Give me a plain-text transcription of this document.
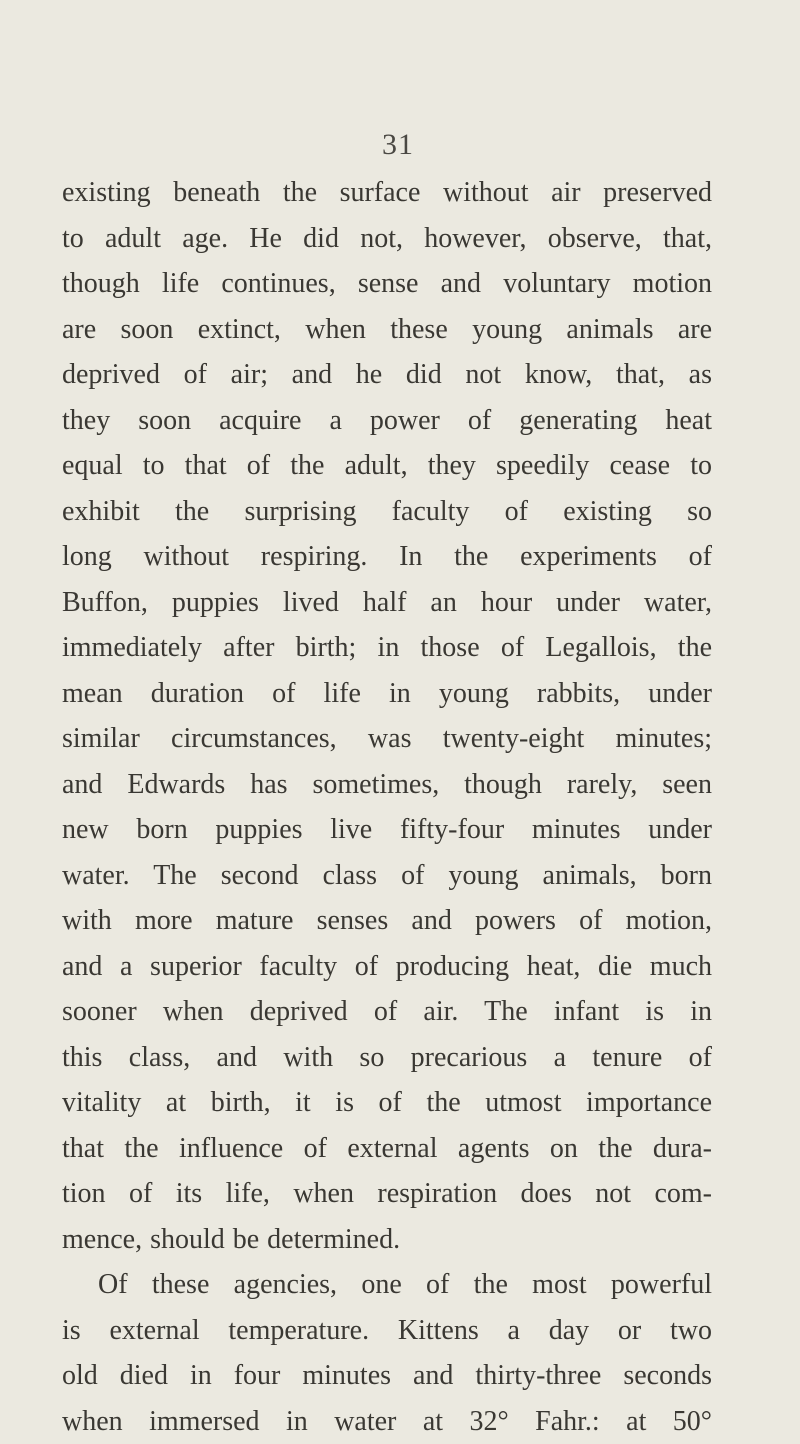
31
existing beneath the surface without air preserved
to adult age. He did not, however, observe, that,
though life continues, sense and voluntary motion
are soon extinct, when these young animals are
deprived of air; and he did not know, that, as
they soon acquire a power of generating heat
equal to that of the adult, they speedily cease to
exhibit the surprising faculty of existing so
long without respiring. In the experiments of
Buffon, puppies lived half an hour under water,
immediately after birth; in those of Legallois, the
mean duration of life in young rabbits, under
similar circumstances, was twenty-eight minutes;
and Edwards has sometimes, though rarely, seen
new born puppies live fifty-four minutes under
water. The second class of young animals, born
with more mature senses and powers of motion,
and a superior faculty of producing heat, die much
sooner when deprived of air. The infant is in
this class, and with so precarious a tenure of
vitality at birth, it is of the utmost importance
that the influence of external agents on the dura-
tion of its life, when respiration does not com-
mence, should be determined.
Of these agencies, one of the most powerful
is external temperature. Kittens a day or two
old died in four minutes and thirty-three seconds
when immersed in water at 32° Fahr.: at 50°
